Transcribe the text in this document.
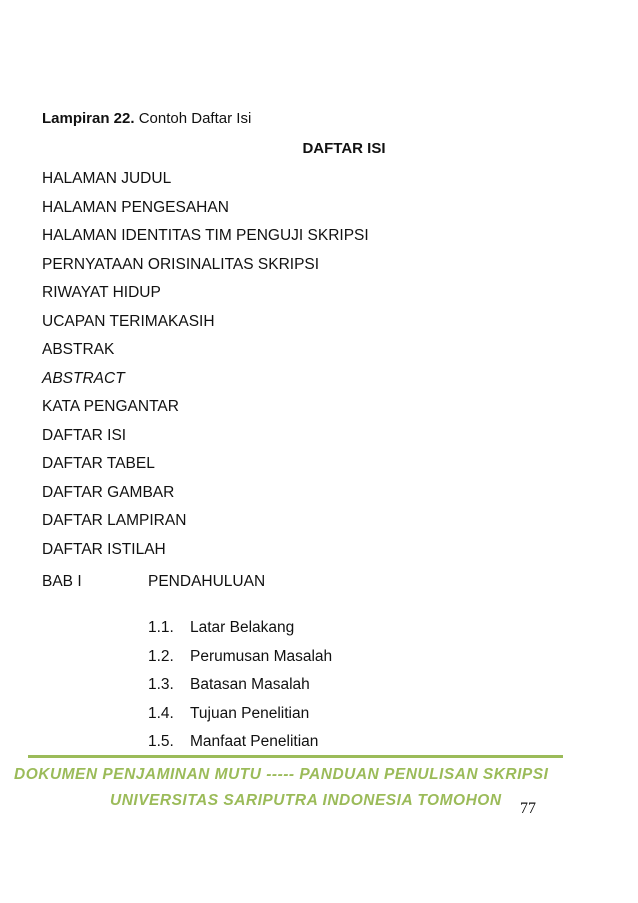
Lampiran 22. Contoh Daftar Isi
DAFTAR ISI
HALAMAN JUDUL
HALAMAN PENGESAHAN
HALAMAN IDENTITAS TIM PENGUJI SKRIPSI
PERNYATAAN ORISINALITAS SKRIPSI
RIWAYAT HIDUP
UCAPAN TERIMAKASIH
ABSTRAK
ABSTRACT
KATA PENGANTAR
DAFTAR ISI
DAFTAR TABEL
DAFTAR GAMBAR
DAFTAR LAMPIRAN
DAFTAR ISTILAH
BAB I	PENDAHULUAN
1.1. Latar Belakang
1.2. Perumusan Masalah
1.3. Batasan Masalah
1.4. Tujuan Penelitian
1.5. Manfaat Penelitian
DOKUMEN PENJAMINAN MUTU ----- PANDUAN PENULISAN SKRIPSI
UNIVERSITAS SARIPUTRA INDONESIA TOMOHON 77
